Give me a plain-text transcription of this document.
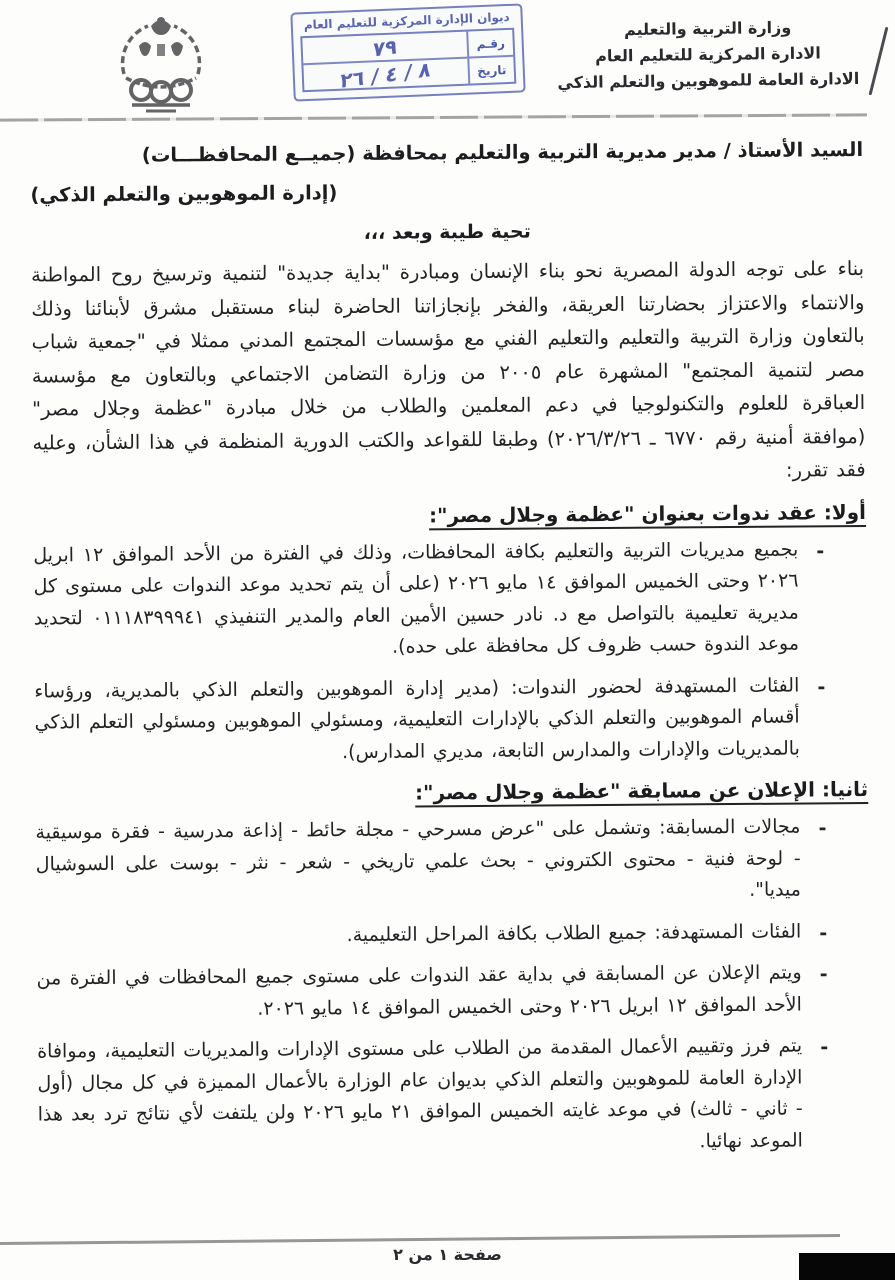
وزارة التربية والتعليم
الادارة المركزية للتعليم العام
الادارة العامة للموهوبين والتعلم الذكي
ديوان الإدارة المركزية للتعليم العام
رقـم
٧٩
تاريخ
٨ / ٤ / ٢٦
السيد الأستاذ / مدير مديرية التربية والتعليم بمحافظة (جميــع المحافظـــات)
(إدارة الموهوبين والتعلم الذكي)
تحية طيبة وبعد ،،،
بناء على توجه الدولة المصرية نحو بناء الإنسان ومبادرة "بداية جديدة" لتنمية وترسيخ روح المواطنة والانتماء والاعتزاز بحضارتنا العريقة، والفخر بإنجازاتنا الحاضرة لبناء مستقبل مشرق لأبنائنا وذلك بالتعاون وزارة التربية والتعليم والتعليم الفني مع مؤسسات المجتمع المدني ممثلا في "جمعية شباب مصر لتنمية المجتمع" المشهرة عام ٢٠٠٥ من وزارة التضامن الاجتماعي وبالتعاون مع مؤسسة العباقرة للعلوم والتكنولوجيا في دعم المعلمين والطلاب من خلال مبادرة "عظمة وجلال مصر" (موافقة أمنية رقم ٦٧٧٠ ـ ٢٠٢٦/٣/٢٦) وطبقا للقواعد والكتب الدورية المنظمة في هذا الشأن، وعليه فقد تقرر:
أولا: عقد ندوات بعنوان "عظمة وجلال مصر":
-
بجميع مديريات التربية والتعليم بكافة المحافظات، وذلك في الفترة من الأحد الموافق ١٢ ابريل ٢٠٢٦ وحتى الخميس الموافق ١٤ مايو ٢٠٢٦ (على أن يتم تحديد موعد الندوات على مستوى كل مديرية تعليمية بالتواصل مع د. نادر حسين الأمين العام والمدير التنفيذي ٠١١١٨٣٩٩٩٤١ لتحديد موعد الندوة حسب ظروف كل محافظة على حده).
-
الفئات المستهدفة لحضور الندوات: (مدير إدارة الموهوبين والتعلم الذكي بالمديرية، ورؤساء أقسام الموهوبين والتعلم الذكي بالإدارات التعليمية، ومسئولي الموهوبين ومسئولي التعلم الذكي بالمديريات والإدارات والمدارس التابعة، مديري المدارس).
ثانيا: الإعلان عن مسابقة "عظمة وجلال مصر":
-
مجالات المسابقة: وتشمل على "عرض مسرحي - مجلة حائط - إذاعة مدرسية - فقرة موسيقية - لوحة فنية - محتوى الكتروني - بحث علمي تاريخي - شعر - نثر - بوست على السوشيال ميديا".
-
الفئات المستهدفة: جميع الطلاب بكافة المراحل التعليمية.
-
ويتم الإعلان عن المسابقة في بداية عقد الندوات على مستوى جميع المحافظات في الفترة من الأحد الموافق ١٢ ابريل ٢٠٢٦ وحتى الخميس الموافق ١٤ مايو ٢٠٢٦.
-
يتم فرز وتقييم الأعمال المقدمة من الطلاب على مستوى الإدارات والمديريات التعليمية، وموافاة الإدارة العامة للموهوبين والتعلم الذكي بديوان عام الوزارة بالأعمال المميزة في كل مجال (أول - ثاني - ثالث) في موعد غايته الخميس الموافق ٢١ مايو ٢٠٢٦ ولن يلتفت لأي نتائج ترد بعد هذا الموعد نهائيا.
صفحة ١ من ٢
